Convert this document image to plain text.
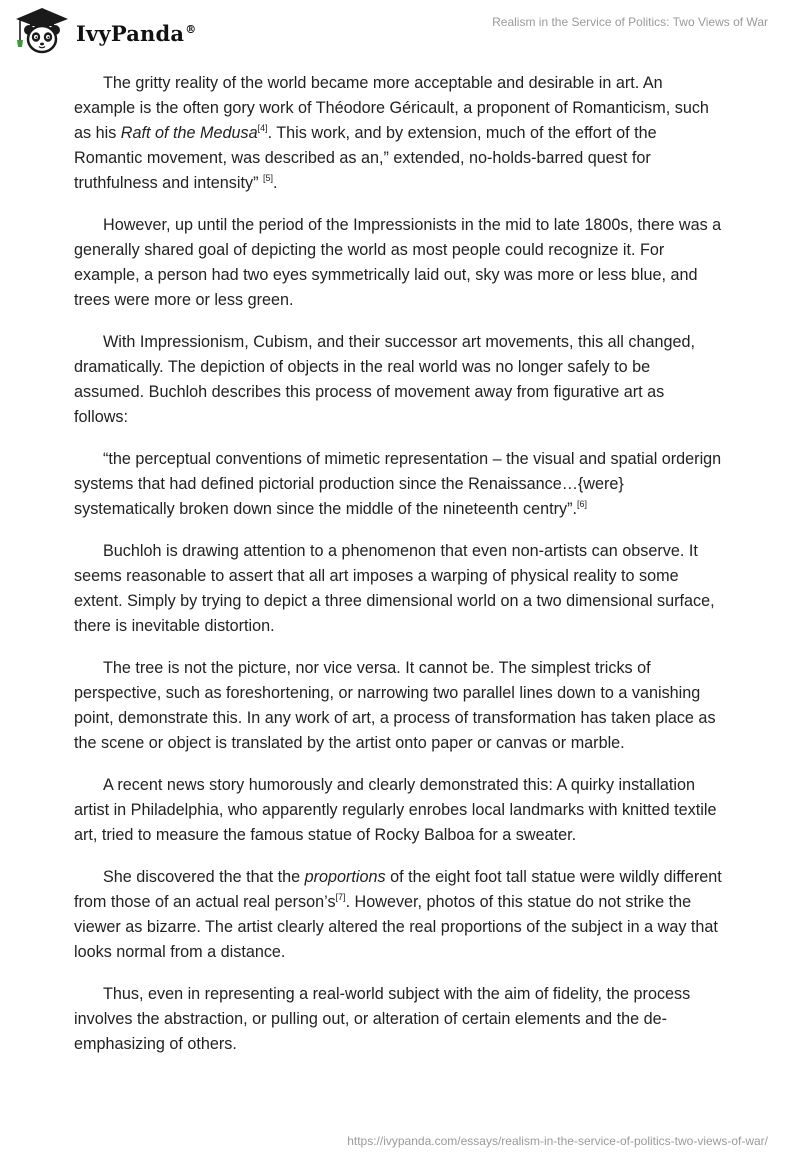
IvyPanda®	Realism in the Service of Politics: Two Views of War

The gritty reality of the world became more acceptable and desirable in art. An example is the often gory work of Théodore Géricault, a proponent of Romanticism, such as his Raft of the Medusa[4]. This work, and by extension, much of the effort of the Romantic movement, was described as an,” extended, no-holds-barred quest for truthfulness and intensity” [5].

However, up until the period of the Impressionists in the mid to late 1800s, there was a generally shared goal of depicting the world as most people could recognize it. For example, a person had two eyes symmetrically laid out, sky was more or less blue, and trees were more or less green.

With Impressionism, Cubism, and their successor art movements, this all changed, dramatically. The depiction of objects in the real world was no longer safely to be assumed. Buchloh describes this process of movement away from figurative art as follows:

“the perceptual conventions of mimetic representation – the visual and spatial orderign systems that had defined pictorial production since the Renaissance…{were} systematically broken down since the middle of the nineteenth centry”.[6]

Buchloh is drawing attention to a phenomenon that even non-artists can observe. It seems reasonable to assert that all art imposes a warping of physical reality to some extent. Simply by trying to depict a three dimensional world on a two dimensional surface, there is inevitable distortion.

The tree is not the picture, nor vice versa. It cannot be. The simplest tricks of perspective, such as foreshortening, or narrowing two parallel lines down to a vanishing point, demonstrate this. In any work of art, a process of transformation has taken place as the scene or object is translated by the artist onto paper or canvas or marble.

A recent news story humorously and clearly demonstrated this: A quirky installation artist in Philadelphia, who apparently regularly enrobes local landmarks with knitted textile art, tried to measure the famous statue of Rocky Balboa for a sweater.

She discovered the that the proportions of the eight foot tall statue were wildly different from those of an actual real person’s[7]. However, photos of this statue do not strike the viewer as bizarre. The artist clearly altered the real proportions of the subject in a way that looks normal from a distance.

Thus, even in representing a real-world subject with the aim of fidelity, the process involves the abstraction, or pulling out, or alteration of certain elements and the de-emphasizing of others.

https://ivypanda.com/essays/realism-in-the-service-of-politics-two-views-of-war/
